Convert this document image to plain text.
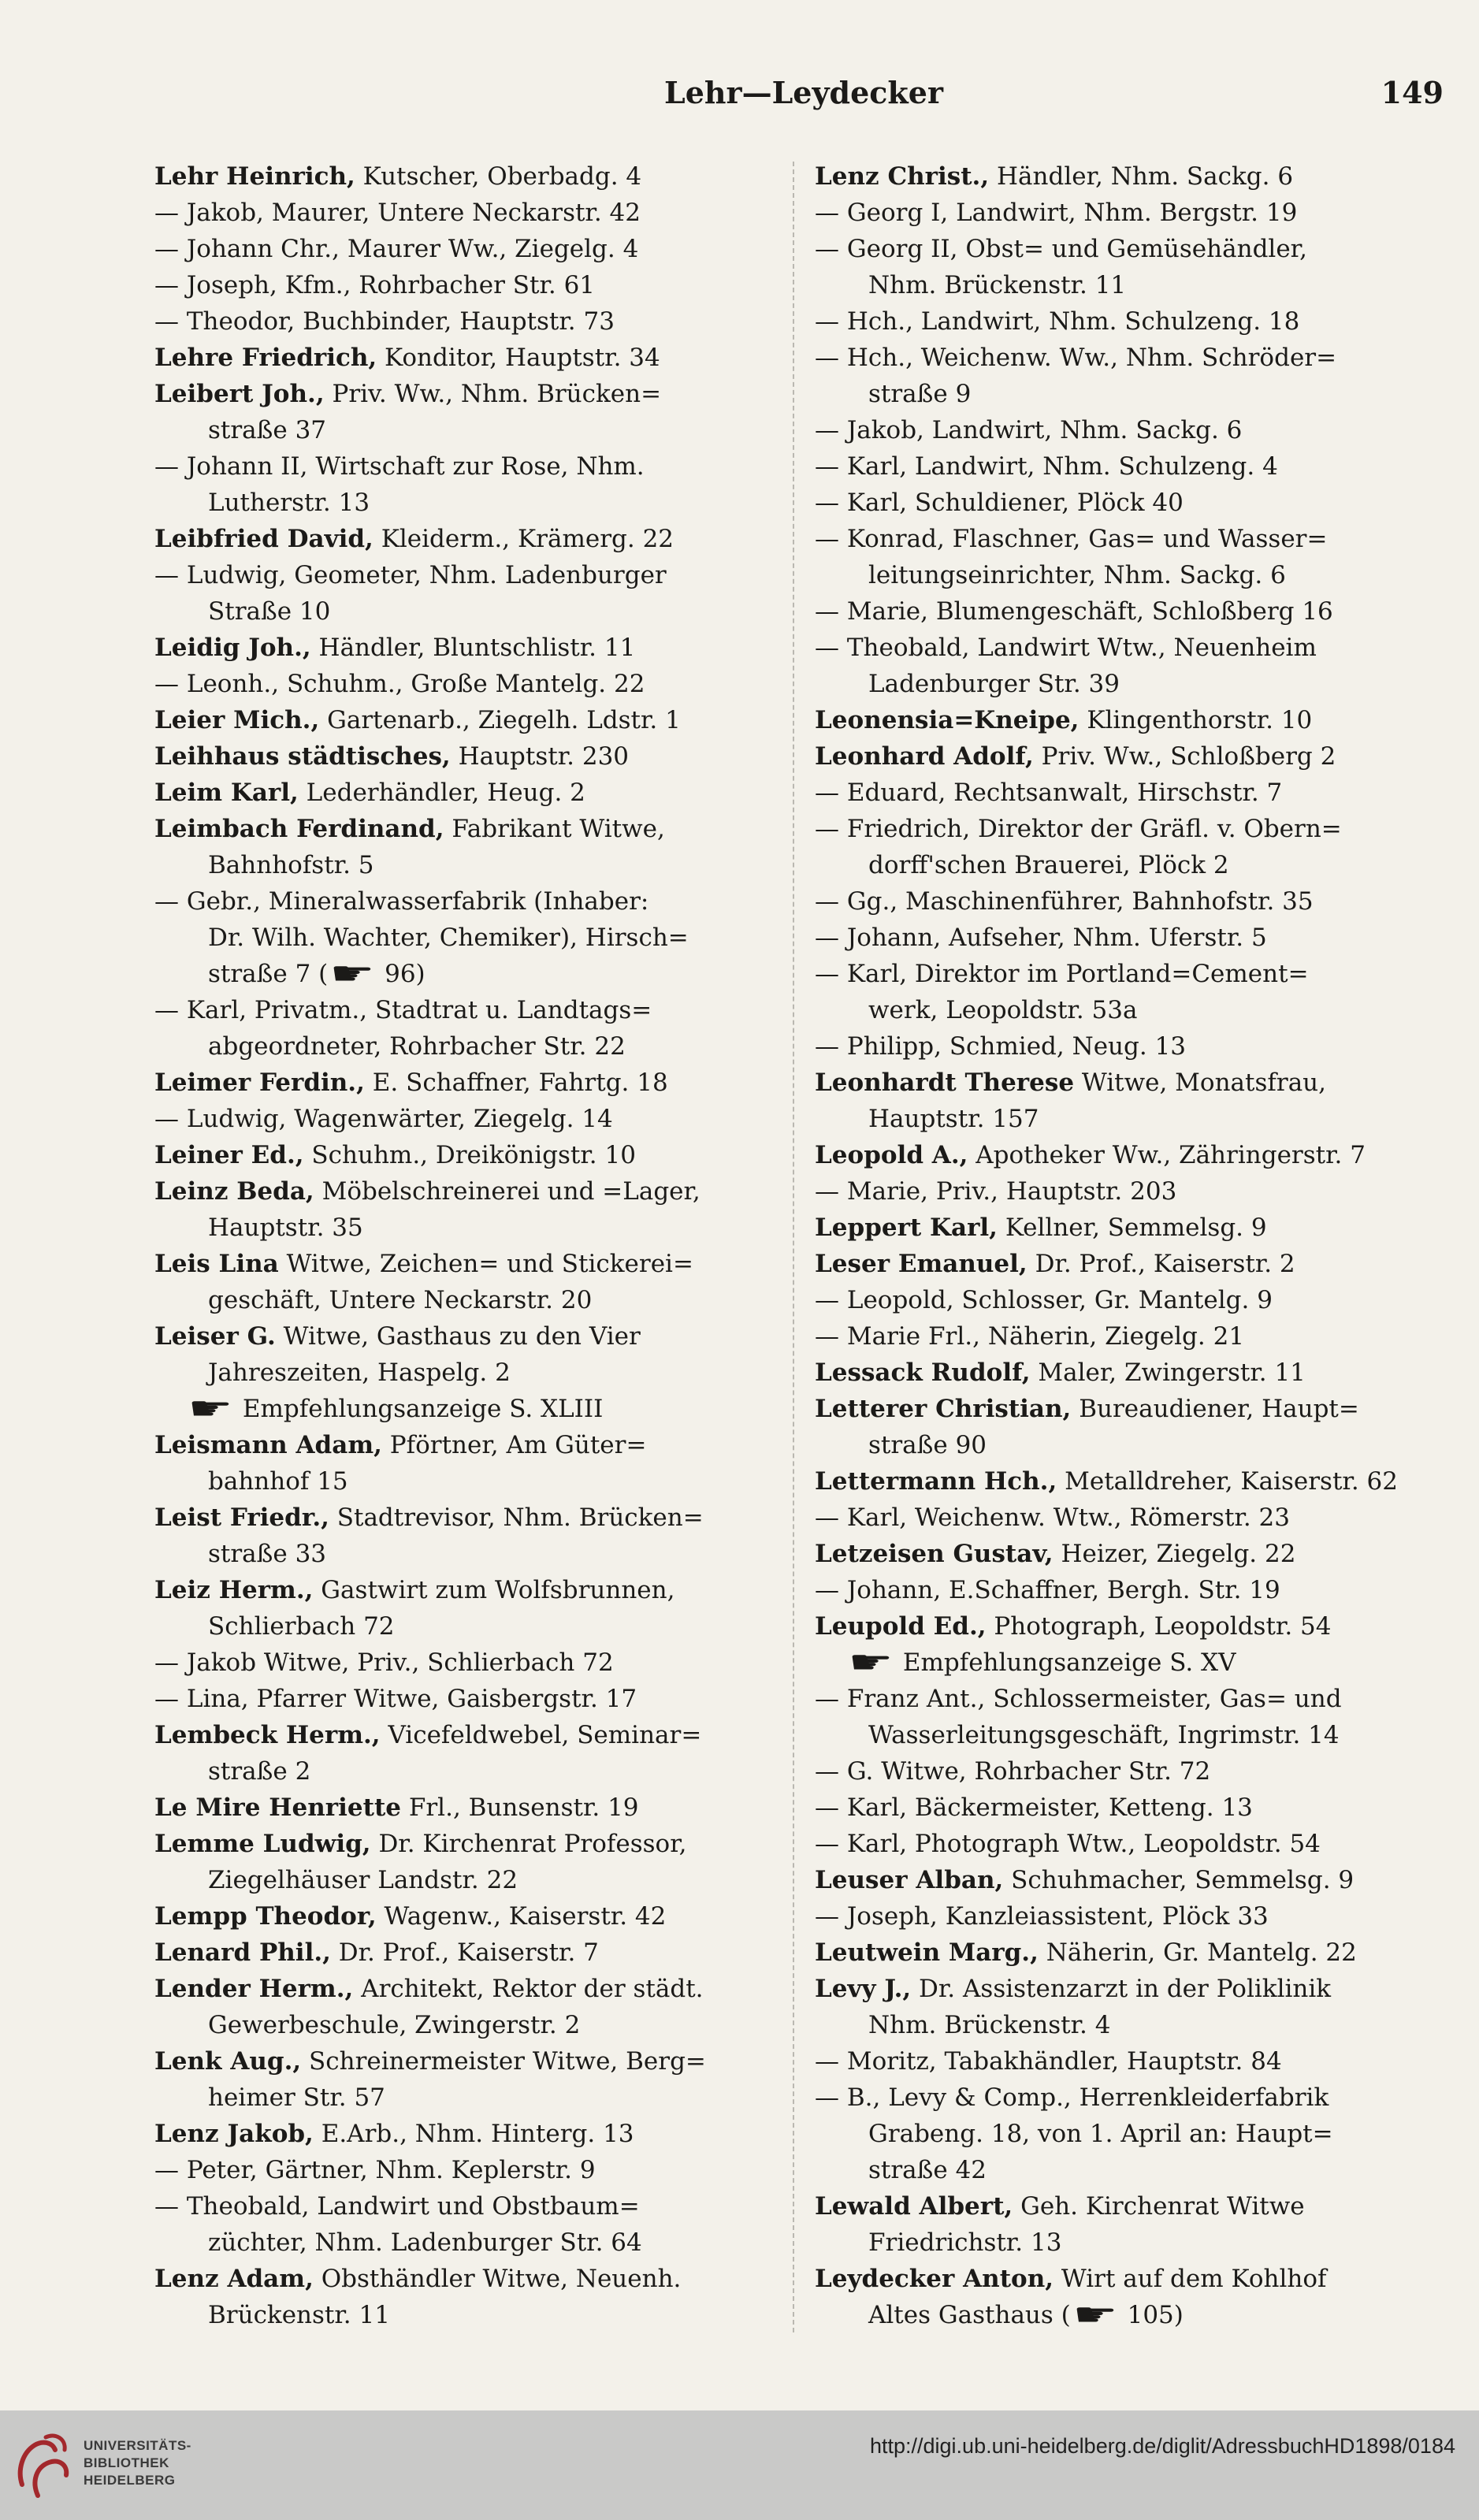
Lehr—Leydecker	149
Lehr Heinrich, Kutscher, Oberbadg. 4
— Jakob, Maurer, Untere Neckarstr. 42
— Johann Chr., Maurer Ww., Ziegelg. 4
— Joseph, Kfm., Rohrbacher Str. 61
— Theodor, Buchbinder, Hauptstr. 73
Lehre Friedrich, Konditor, Hauptstr. 34
Leibert Joh., Priv. Ww., Nhm. Brücken=
straße 37
— Johann II, Wirtschaft zur Rose, Nhm.
Lutherstr. 13
Leibfried David, Kleiderm., Krämerg. 22
— Ludwig, Geometer, Nhm. Ladenburger
Straße 10
Leidig Joh., Händler, Bluntschlistr. 11
— Leonh., Schuhm., Große Mantelg. 22
Leier Mich., Gartenarb., Ziegelh. Ldstr. 1
Leihhaus städtisches, Hauptstr. 230
Leim Karl, Lederhändler, Heug. 2
Leimbach Ferdinand, Fabrikant Witwe,
Bahnhofstr. 5
— Gebr., Mineralwasserfabrik (Inhaber:
Dr. Wilh. Wachter, Chemiker), Hirsch=
straße 7 (☛ 96)
— Karl, Privatm., Stadtrat u. Landtags=
abgeordneter, Rohrbacher Str. 22
Leimer Ferdin., E. Schaffner, Fahrtg. 18
— Ludwig, Wagenwärter, Ziegelg. 14
Leiner Ed., Schuhm., Dreikönigstr. 10
Leinz Beda, Möbelschreinerei und =Lager,
Hauptstr. 35
Leis Lina Witwe, Zeichen= und Stickerei=
geschäft, Untere Neckarstr. 20
Leiser G. Witwe, Gasthaus zu den Vier
Jahreszeiten, Haspelg. 2
☛ Empfehlungsanzeige S. XLIII
Leismann Adam, Pförtner, Am Güter=
bahnhof 15
Leist Friedr., Stadtrevisor, Nhm. Brücken=
straße 33
Leiz Herm., Gastwirt zum Wolfsbrunnen,
Schlierbach 72
— Jakob Witwe, Priv., Schlierbach 72
— Lina, Pfarrer Witwe, Gaisbergstr. 17
Lembeck Herm., Vicefeldwebel, Seminar=
straße 2
Le Mire Henriette Frl., Bunsenstr. 19
Lemme Ludwig, Dr. Kirchenrat Professor,
Ziegelhäuser Landstr. 22
Lempp Theodor, Wagenw., Kaiserstr. 42
Lenard Phil., Dr. Prof., Kaiserstr. 7
Lender Herm., Architekt, Rektor der städt.
Gewerbeschule, Zwingerstr. 2
Lenk Aug., Schreinermeister Witwe, Berg=
heimer Str. 57
Lenz Jakob, E.Arb., Nhm. Hinterg. 13
— Peter, Gärtner, Nhm. Keplerstr. 9
— Theobald, Landwirt und Obstbaum=
züchter, Nhm. Ladenburger Str. 64
Lenz Adam, Obsthändler Witwe, Neuenh.
Brückenstr. 11
Lenz Christ., Händler, Nhm. Sackg. 6
— Georg I, Landwirt, Nhm. Bergstr. 19
— Georg II, Obst= und Gemüsehändler,
Nhm. Brückenstr. 11
— Hch., Landwirt, Nhm. Schulzeng. 18
— Hch., Weichenw. Ww., Nhm. Schröder=
straße 9
— Jakob, Landwirt, Nhm. Sackg. 6
— Karl, Landwirt, Nhm. Schulzeng. 4
— Karl, Schuldiener, Plöck 40
— Konrad, Flaschner, Gas= und Wasser=
leitungseinrichter, Nhm. Sackg. 6
— Marie, Blumengeschäft, Schloßberg 16
— Theobald, Landwirt Wtw., Neuenheim
Ladenburger Str. 39
Leonensia=Kneipe, Klingenthorstr. 10
Leonhard Adolf, Priv. Ww., Schloßberg 2
— Eduard, Rechtsanwalt, Hirschstr. 7
— Friedrich, Direktor der Gräfl. v. Obern=
dorff'schen Brauerei, Plöck 2
— Gg., Maschinenführer, Bahnhofstr. 35
— Johann, Aufseher, Nhm. Uferstr. 5
— Karl, Direktor im Portland=Cement=
werk, Leopoldstr. 53a
— Philipp, Schmied, Neug. 13
Leonhardt Therese Witwe, Monatsfrau,
Hauptstr. 157
Leopold A., Apotheker Ww., Zähringerstr. 7
— Marie, Priv., Hauptstr. 203
Leppert Karl, Kellner, Semmelsg. 9
Leser Emanuel, Dr. Prof., Kaiserstr. 2
— Leopold, Schlosser, Gr. Mantelg. 9
— Marie Frl., Näherin, Ziegelg. 21
Lessack Rudolf, Maler, Zwingerstr. 11
Letterer Christian, Bureaudiener, Haupt=
straße 90
Lettermann Hch., Metalldreher, Kaiserstr. 62
— Karl, Weichenw. Wtw., Römerstr. 23
Letzeisen Gustav, Heizer, Ziegelg. 22
— Johann, E.Schaffner, Bergh. Str. 19
Leupold Ed., Photograph, Leopoldstr. 54
☛ Empfehlungsanzeige S. XV
— Franz Ant., Schlossermeister, Gas= und
Wasserleitungsgeschäft, Ingrimstr. 14
— G. Witwe, Rohrbacher Str. 72
— Karl, Bäckermeister, Ketteng. 13
— Karl, Photograph Wtw., Leopoldstr. 54
Leuser Alban, Schuhmacher, Semmelsg. 9
— Joseph, Kanzleiassistent, Plöck 33
Leutwein Marg., Näherin, Gr. Mantelg. 22
Levy J., Dr. Assistenzarzt in der Poliklinik
Nhm. Brückenstr. 4
— Moritz, Tabakhändler, Hauptstr. 84
— B., Levy & Comp., Herrenkleiderfabrik
Grabeng. 18, von 1. April an: Haupt=
straße 42
Lewald Albert, Geh. Kirchenrat Witwe
Friedrichstr. 13
Leydecker Anton, Wirt auf dem Kohlhof
Altes Gasthaus (☛ 105)
UNIVERSITÄTS-
BIBLIOTHEK
HEIDELBERG
http://digi.ub.uni-heidelberg.de/diglit/AdressbuchHD1898/0184
